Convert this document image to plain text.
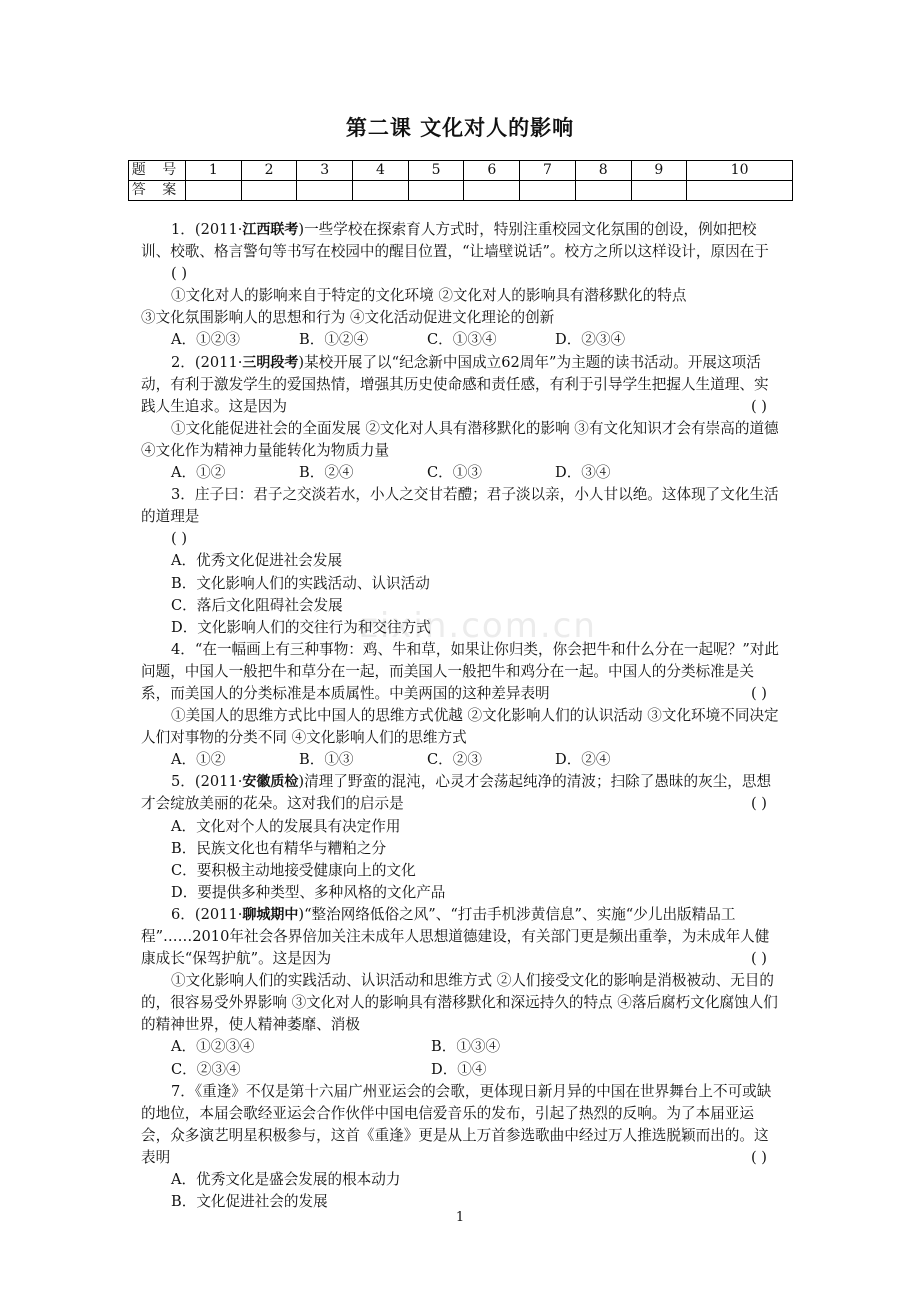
第二课 文化对人的影响
题 号	1	2	3	4	5	6	7	8	9	10
答 案										
zixin.com.cn

1．(2011·江西联考)一些学校在探索育人方式时，特别注重校园文化氛围的创设，例如把校训、校歌、格言警句等书写在校园中的醒目位置，“让墙壁说话”。校方之所以这样设计，原因在于

( )

①文化对人的影响来自于特定的文化环境 ②文化对人的影响具有潜移默化的特点

③文化氛围影响人的思想和行为 ④文化活动促进文化理论的创新

A．①②③	B．①②④	C．①③④	D．②③④

2．(2011·三明段考)某校开展了以“纪念新中国成立62周年”为主题的读书活动。开展这项活动，有利于激发学生的爱国热情，增强其历史使命感和责任感，有利于引导学生把握人生道理、实践人生追求。这是因为	( )

①文化能促进社会的全面发展 ②文化对人具有潜移默化的影响 ③有文化知识才会有崇高的道德 ④文化作为精神力量能转化为物质力量

A．①②	B．②④	C．①③	D．③④

3．庄子曰：君子之交淡若水，小人之交甘若醴；君子淡以亲，小人甘以绝。这体现了文化生活的道理是

( )

A．优秀文化促进社会发展

B．文化影响人们的实践活动、认识活动

C．落后文化阻碍社会发展

D．文化影响人们的交往行为和交往方式

4．“在一幅画上有三种事物：鸡、牛和草，如果让你归类，你会把牛和什么分在一起呢？”对此问题，中国人一般把牛和草分在一起，而美国人一般把牛和鸡分在一起。中国人的分类标准是关系，而美国人的分类标准是本质属性。中美两国的这种差异表明	( )

①美国人的思维方式比中国人的思维方式优越 ②文化影响人们的认识活动 ③文化环境不同决定人们对事物的分类不同 ④文化影响人们的思维方式

A．①②	B．①③	C．②③	D．②④

5．(2011·安徽质检)清理了野蛮的混沌，心灵才会荡起纯净的清波；扫除了愚昧的灰尘，思想才会绽放美丽的花朵。这对我们的启示是	( )

A．文化对个人的发展具有决定作用

B．民族文化也有精华与糟粕之分

C．要积极主动地接受健康向上的文化

D．要提供多种类型、多种风格的文化产品

6．(2011·聊城期中)“整治网络低俗之风”、“打击手机涉黄信息”、实施“少儿出版精品工程”……2010年社会各界倍加关注未成年人思想道德建设，有关部门更是频出重拳，为未成年人健康成长“保驾护航”。这是因为	( )

①文化影响人们的实践活动、认识活动和思维方式 ②人们接受文化的影响是消极被动、无目的的，很容易受外界影响 ③文化对人的影响具有潜移默化和深远持久的特点 ④落后腐朽文化腐蚀人们的精神世界，使人精神萎靡、消极

A．①②③④	B．①③④

C．②③④	D．①④

7．《重逢》不仅是第十六届广州亚运会的会歌，更体现日新月异的中国在世界舞台上不可或缺的地位，本届会歌经亚运会合作伙伴中国电信爱音乐的发布，引起了热烈的反响。为了本届亚运会，众多演艺明星积极参与，这首《重逢》更是从上万首参选歌曲中经过万人推选脱颖而出的。这表明	( )

A．优秀文化是盛会发展的根本动力

B．文化促进社会的发展

1
